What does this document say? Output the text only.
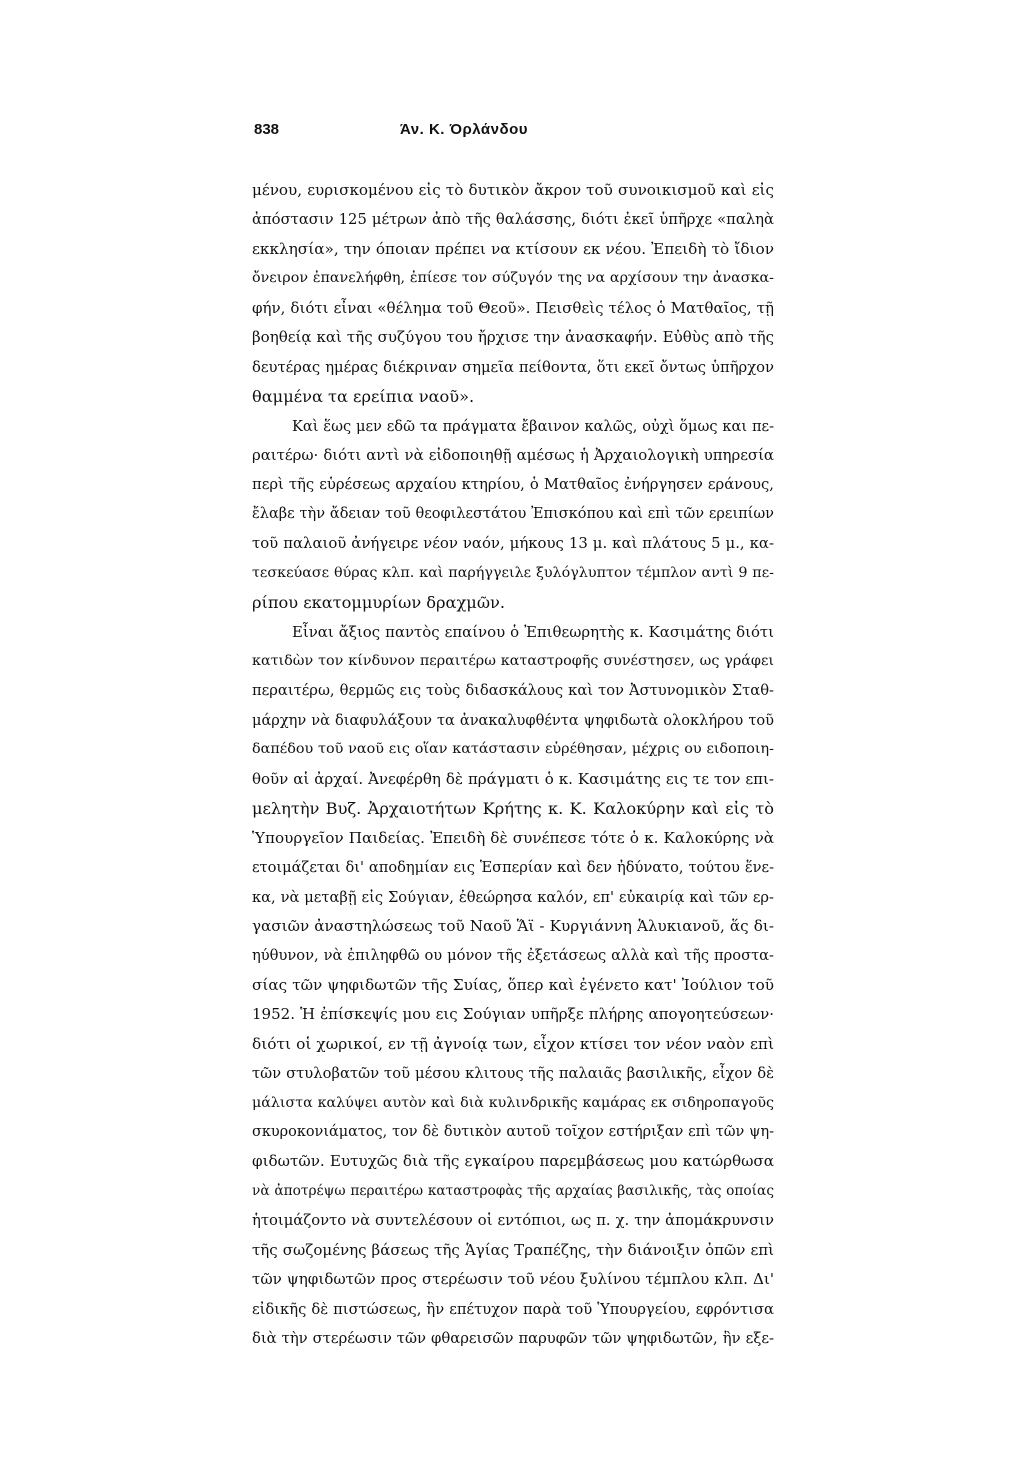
838	Άν. Κ. Όρλάνδου
μένου, ευρισκομένου εἰς τὸ δυτικὸν ἄκρον τοῦ συνοικισμοῦ καὶ εἰς
ἀπόστασιν 125 μέτρων ἀπὸ τῆς θαλάσσης, διότι ἐκεῖ ὑπῆρχε «παληὰ
εκκλησία», την όποιαν πρέπει να κτίσουν εκ νέου. Ἐπειδὴ τὸ ἴδιον
ὄνειρον ἐπανελήφθη, ἐπίεσε τον σύζυγόν της να αρχίσουν την ἀνασκα-
φήν, διότι εἶναι «θέλημα τοῦ Θεοῦ». Πεισθεὶς τέλος ὁ Ματθαῖος, τῇ
βοηθείᾳ καὶ τῆς συζύγου του ἤρχισε την ἀνασκαφήν. Εὐθὺς απὸ τῆς
δευτέρας ημέρας διέκριναν σημεῖα πείθοντα, ὅτι εκεῖ ὄντως ὑπῆρχον
θαμμένα τα ερείπια ναοῦ».
Καὶ ἕως μεν εδῶ τα πράγματα ἔβαινον καλῶς, οὐχὶ ὅμως και πε-
ραιτέρω· διότι αντὶ νὰ εἰδοποιηθῇ αμέσως ἡ Ἀρχαιολογικὴ υπηρεσία
περὶ τῆς εὑρέσεως αρχαίου κτηρίου, ὁ Ματθαῖος ἐνήργησεν εράνους,
ἔλαβε τὴν ἄδειαν τοῦ θεοφιλεστάτου Ἐπισκόπου καὶ επὶ τῶν ερειπίων
τοῦ παλαιοῦ ἀνήγειρε νέον ναόν, μήκους 13 μ. καὶ πλάτους 5 μ., κα-
τεσκεύασε θύρας κλπ. καὶ παρήγγειλε ξυλόγλυπτον τέμπλον αντὶ 9 πε-
ρίπου εκατομμυρίων δραχμῶν.
Εἶναι ἄξιος παντὸς επαίνου ὁ Ἐπιθεωρητὴς κ. Κασιμάτης διότι
κατιδὼν τον κίνδυνον περαιτέρω καταστροφῆς συνέστησεν, ως γράφει
περαιτέρω, θερμῶς εις τοὺς διδασκάλους καὶ τον Ἀστυνομικὸν Σταθ-
μάρχην νὰ διαφυλάξουν τα ἀνακαλυφθέντα ψηφιδωτὰ ολοκλήρου τοῦ
δαπέδου τοῦ ναοῦ εις οἵαν κατάστασιν εὑρέθησαν, μέχρις ου ειδοποιη-
θοῦν αἱ ἀρχαί. Ἀνεφέρθη δὲ πράγματι ὁ κ. Κασιμάτης εις τε τον επι-
μελητὴν Βυζ. Ἀρχαιοτήτων Κρήτης κ. Κ. Καλοκύρην καὶ εἰς τὸ
Ὑπουργεῖον Παιδείας. Ἐπειδὴ δὲ συνέπεσε τότε ὁ κ. Καλοκύρης νὰ
ετοιμάζεται δι' αποδημίαν εις Ἑσπερίαν καὶ δεν ἠδύνατο, τούτου ἕνε-
κα, νὰ μεταβῇ εἰς Σούγιαν, ἐθεώρησα καλόν, επ' εὐκαιρίᾳ καὶ τῶν ερ-
γασιῶν ἀναστηλώσεως τοῦ Ναοῦ Ἅϊ - Κυργιάννη Ἁλυκιανοῦ, ἅς δι-
ηύθυνον, νὰ ἐπιληφθῶ ου μόνον τῆς ἐξετάσεως αλλὰ καὶ τῆς προστα-
σίας τῶν ψηφιδωτῶν τῆς Συίας, ὅπερ καὶ ἐγένετο κατ' Ἰούλιον τοῦ
1952. Ἡ ἐπίσκεψίς μου εις Σούγιαν υπῆρξε πλήρης απογοητεύσεων·
διότι οἱ χωρικοί, εν τῇ ἀγνοίᾳ των, εἶχον κτίσει τον νέον ναὸν επὶ
τῶν στυλοβατῶν τοῦ μέσου κλιτους τῆς παλαιᾶς βασιλικῆς, εἶχον δὲ
μάλιστα καλύψει αυτὸν καὶ διὰ κυλινδρικῆς καμάρας εκ σιδηροπαγοῦς
σκυροκονιάματος, τον δὲ δυτικὸν αυτοῦ τοῖχον εστήριξαν επὶ τῶν ψη-
φιδωτῶν. Ευτυχῶς διὰ τῆς εγκαίρου παρεμβάσεως μου κατώρθωσα
νὰ ἀποτρέψω περαιτέρω καταστροφὰς τῆς αρχαίας βασιλικῆς, τὰς οποίας
ἡτοιμάζοντο νὰ συντελέσουν οἱ εντόπιοι, ως π. χ. την ἀπομάκρυνσιν
τῆς σωζομένης βάσεως τῆς Ἁγίας Τραπέζης, τὴν διάνοιξιν ὀπῶν επὶ
τῶν ψηφιδωτῶν προς στερέωσιν τοῦ νέου ξυλίνου τέμπλου κλπ. Δι'
εἰδικῆς δὲ πιστώσεως, ἣν επέτυχον παρὰ τοῦ Ὑπουργείου, εφρόντισα
διὰ τὴν στερέωσιν τῶν φθαρεισῶν παρυφῶν τῶν ψηφιδωτῶν, ἣν εξε-
